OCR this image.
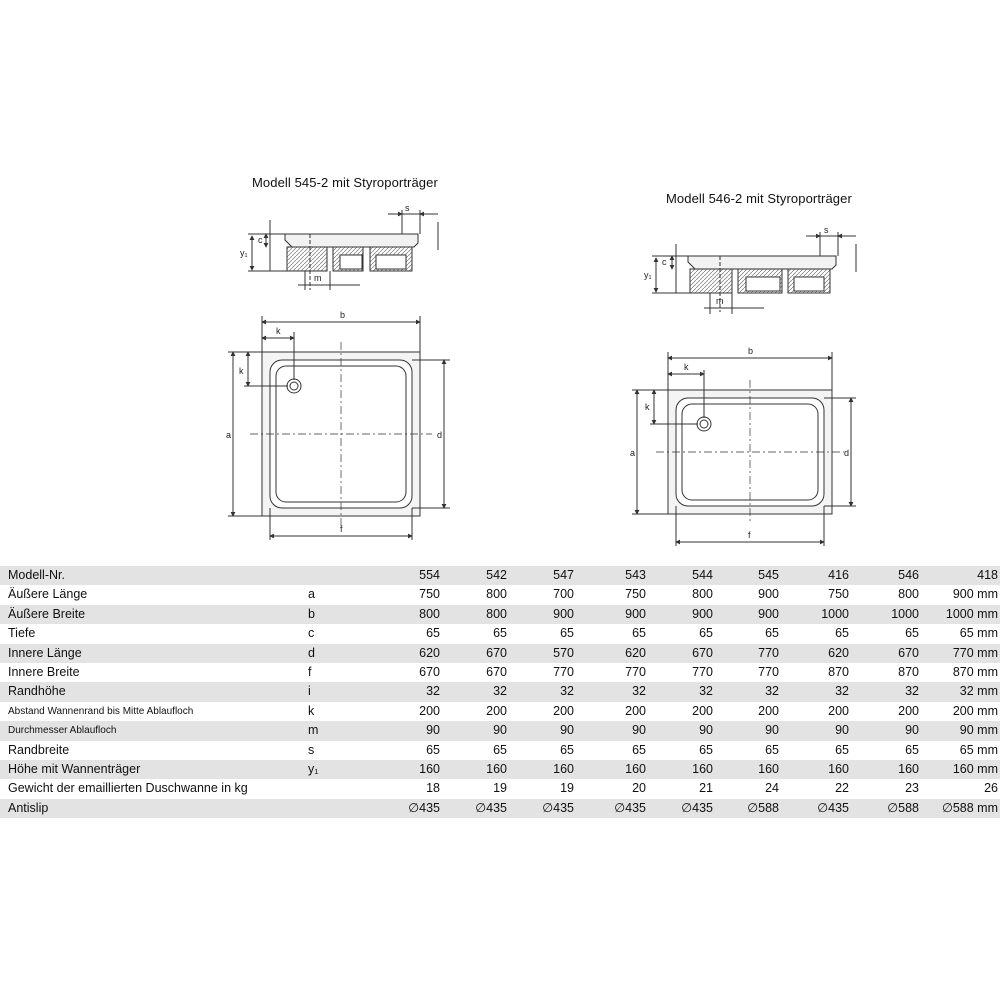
Modell 545-2 mit Styroporträger
Modell 546-2 mit Styroporträger
s
c
y₁
m
b
k
a
k
d
f
s
c
y₁
m
b
k
a
k
d
f
Modell-Nr.		554	542	547	543	544	545	416	546	418
Äußere Länge	a	750	800	700	750	800	900	750	800	900 mm
Äußere Breite	b	800	800	900	900	900	900	1000	1000	1000 mm
Tiefe	c	65	65	65	65	65	65	65	65	65 mm
Innere Länge	d	620	670	570	620	670	770	620	670	770 mm
Innere Breite	f	670	670	770	770	770	770	870	870	870 mm
Randhöhe	i	32	32	32	32	32	32	32	32	32 mm
Abstand Wannenrand bis Mitte Ablaufloch	k	200	200	200	200	200	200	200	200	200 mm
Durchmesser Ablaufloch	m	90	90	90	90	90	90	90	90	90 mm
Randbreite	s	65	65	65	65	65	65	65	65	65 mm
Höhe mit Wannenträger	y₁	160	160	160	160	160	160	160	160	160 mm
Gewicht der emaillierten Duschwanne in kg		18	19	19	20	21	24	22	23	26
Antislip		∅435	∅435	∅435	∅435	∅435	∅588	∅435	∅588	∅588 mm
